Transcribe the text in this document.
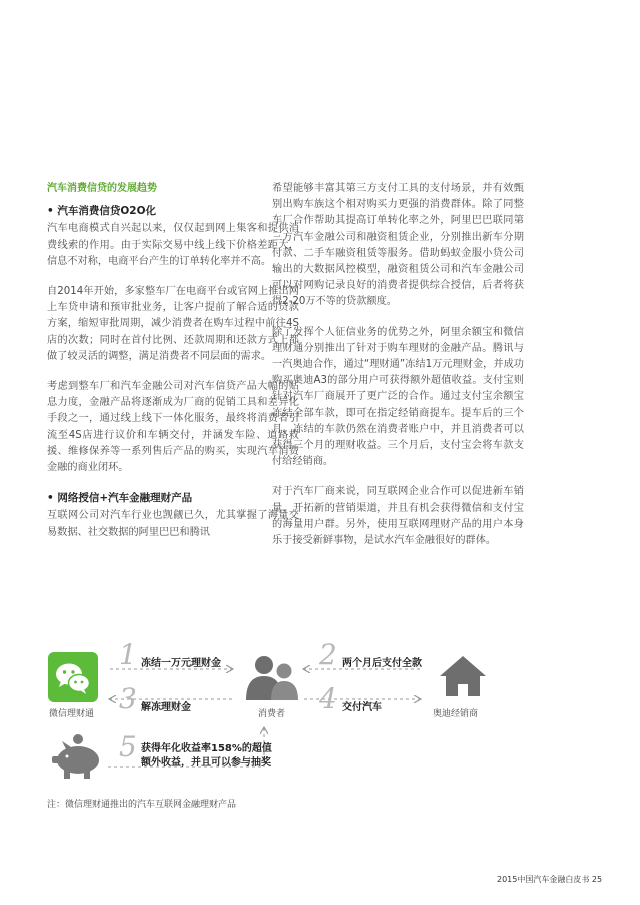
汽车消费信贷的发展趋势
• 汽车消费信贷O2O化

汽车电商模式自兴起以来，仅仅起到网上集客和提供消费线索的作用。由于实际交易中线上线下价格差距大，信息不对称，电商平台产生的订单转化率并不高。

自2014年开始，多家整车厂在电商平台或官网上推出网上车贷申请和预审批业务，让客户提前了解合适的贷款方案，缩短审批周期，减少消费者在购车过程中前往4S店的次数；同时在首付比例、还款周期和还款方式上都做了较灵活的调整，满足消费者不同层面的需求。

考虑到整车厂和汽车金融公司对汽车信贷产品大幅的贴息力度，金融产品将逐渐成为厂商的促销工具和差异化手段之一，通过线上线下一体化服务，最终将消费者引流至4S店进行议价和车辆交付，并涵发车险、道路救援、维修保养等一系列售后产品的购买，实现汽车消费金融的商业闭环。

• 网络授信+汽车金融理财产品

互联网公司对汽车行业也觊觎已久，尤其掌握了海量交易数据、社交数据的阿里巴巴和腾讯

希望能够丰富其第三方支付工具的支付场景，并有效甄别出购车族这个相对购买力更强的消费群体。除了同整车厂合作帮助其提高订单转化率之外，阿里巴巴联同第三方汽车金融公司和融资租赁企业，分别推出新车分期付款、二手车融资租赁等服务。借助蚂蚁金服小贷公司输出的大数据风控模型，融资租赁公司和汽车金融公司可以对网购记录良好的消费者提供综合授信，后者将获得2-20万不等的贷款额度。

除了发挥个人征信业务的优势之外，阿里余额宝和微信理财通分别推出了针对于购车理财的金融产品。腾讯与一汽奥迪合作，通过“理财通”冻结1万元理财金，并成功购买奥迪A3的部分用户可获得额外超值收益。支付宝则针对汽车厂商展开了更广泛的合作。通过支付宝余额宝冻结全部车款，即可在指定经销商提车。提车后的三个月，冻结的车款仍然在消费者账户中，并且消费者可以获得三个月的理财收益。三个月后，支付宝会将车款支付给经销商。

对于汽车厂商来说，同互联网企业合作可以促进新车销量，开拓新的营销渠道，并且有机会获得微信和支付宝的海量用户群。另外，使用互联网理财产品的用户本身乐于接受新鲜事物，是试水汽车金融很好的群体。

微信理财通
1 冻结一万元理财金
3 解冻理财金
消费者
2 两个月后支付全款
4 交付汽车
奥迪经销商
5 获得年化收益率158%的超值
额外收益，并且可以参与抽奖
注：微信理财通推出的汽车互联网金融理财产品
2015中国汽车金融白皮书 25
